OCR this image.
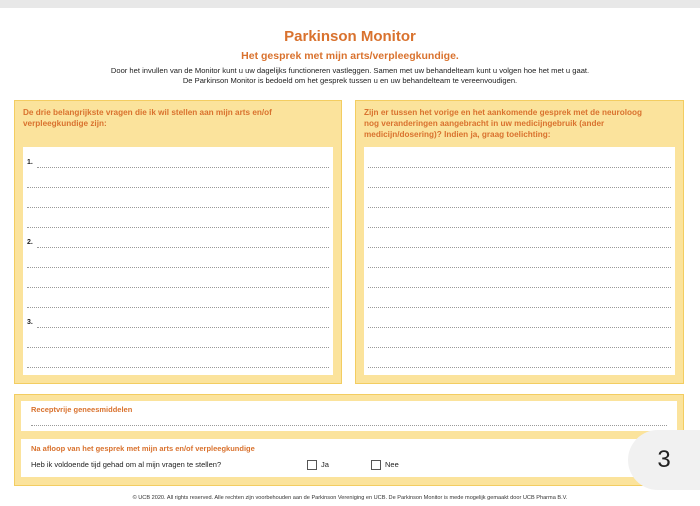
Parkinson Monitor
Het gesprek met mijn arts/verpleegkundige.
Door het invullen van de Monitor kunt u uw dagelijks functioneren vastleggen. Samen met uw behandelteam kunt u volgen hoe het met u gaat.
De Parkinson Monitor is bedoeld om het gesprek tussen u en uw behandelteam te vereenvoudigen.
De drie belangrijkste vragen die ik wil stellen aan mijn arts en/of verpleegkundige zijn:
1.
2.
3.
Zijn er tussen het vorige en het aankomende gesprek met de neuroloog nog veranderingen aangebracht in uw medicijngebruik (ander medicijn/dosering)? Indien ja, graag toelichting:
Receptvrije geneesmiddelen
Na afloop van het gesprek met mijn arts en/of verpleegkundige
Heb ik voldoende tijd gehad om al mijn vragen te stellen?	Ja	Nee
© UCB 2020. All rights reserved. Alle rechten zijn voorbehouden aan de Parkinson Vereniging en UCB. De Parkinson Monitor is mede mogelijk gemaakt door UCB Pharma B.V.
3
